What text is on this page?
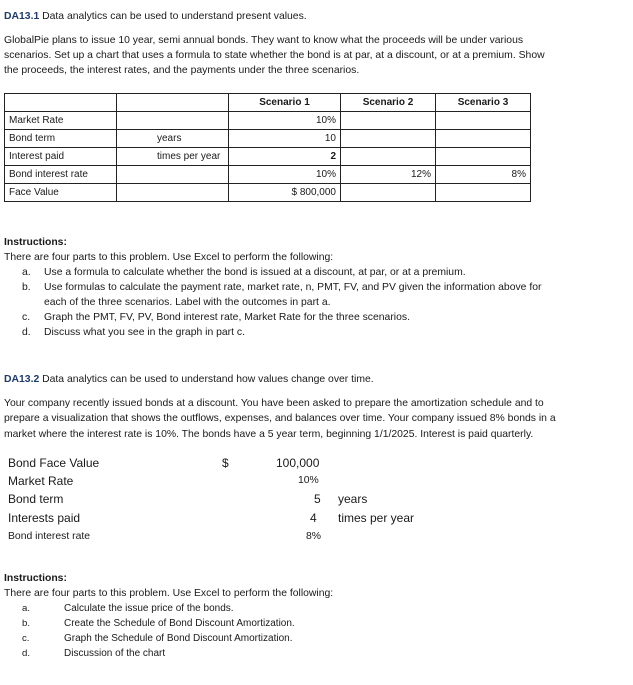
DA13.1 Data analytics can be used to understand present values.
GlobalPie plans to issue 10 year, semi annual bonds. They want to know what the proceeds will be under various
scenarios. Set up a chart that uses a formula to state whether the bond is at par, at a discount, or at a premium. Show
the proceeds, the interest rates, and the payments under the three scenarios.
		Scenario 1	Scenario 2	Scenario 3
Market Rate		10%		
Bond term	years	10		
Interest paid	times per year	2		
Bond interest rate		10%	12%	8%
Face Value		$ 800,000		
Instructions:
There are four parts to this problem. Use Excel to perform the following:
a. Use a formula to calculate whether the bond is issued at a discount, at par, or at a premium.
b. Use formulas to calculate the payment rate, market rate, n, PMT, FV, and PV given the information above for
each of the three scenarios. Label with the outcomes in part a.
c. Graph the PMT, FV, PV, Bond interest rate, Market Rate for the three scenarios.
d. Discuss what you see in the graph in part c.
DA13.2 Data analytics can be used to understand how values change over time.
Your company recently issued bonds at a discount. You have been asked to prepare the amortization schedule and to
prepare a visualization that shows the outflows, expenses, and balances over time. Your company issued 8% bonds in a
market where the interest rate is 10%. The bonds have a 5 year term, beginning 1/1/2025. Interest is paid quarterly.
Bond Face Value	$	100,000
Market Rate	10%
Bond term	5 years
Interests paid	4 times per year
Bond interest rate	8%
Instructions:
There are four parts to this problem. Use Excel to perform the following:
a.	Calculate the issue price of the bonds.
b.	Create the Schedule of Bond Discount Amortization.
c.	Graph the Schedule of Bond Discount Amortization.
d.	Discussion of the chart
